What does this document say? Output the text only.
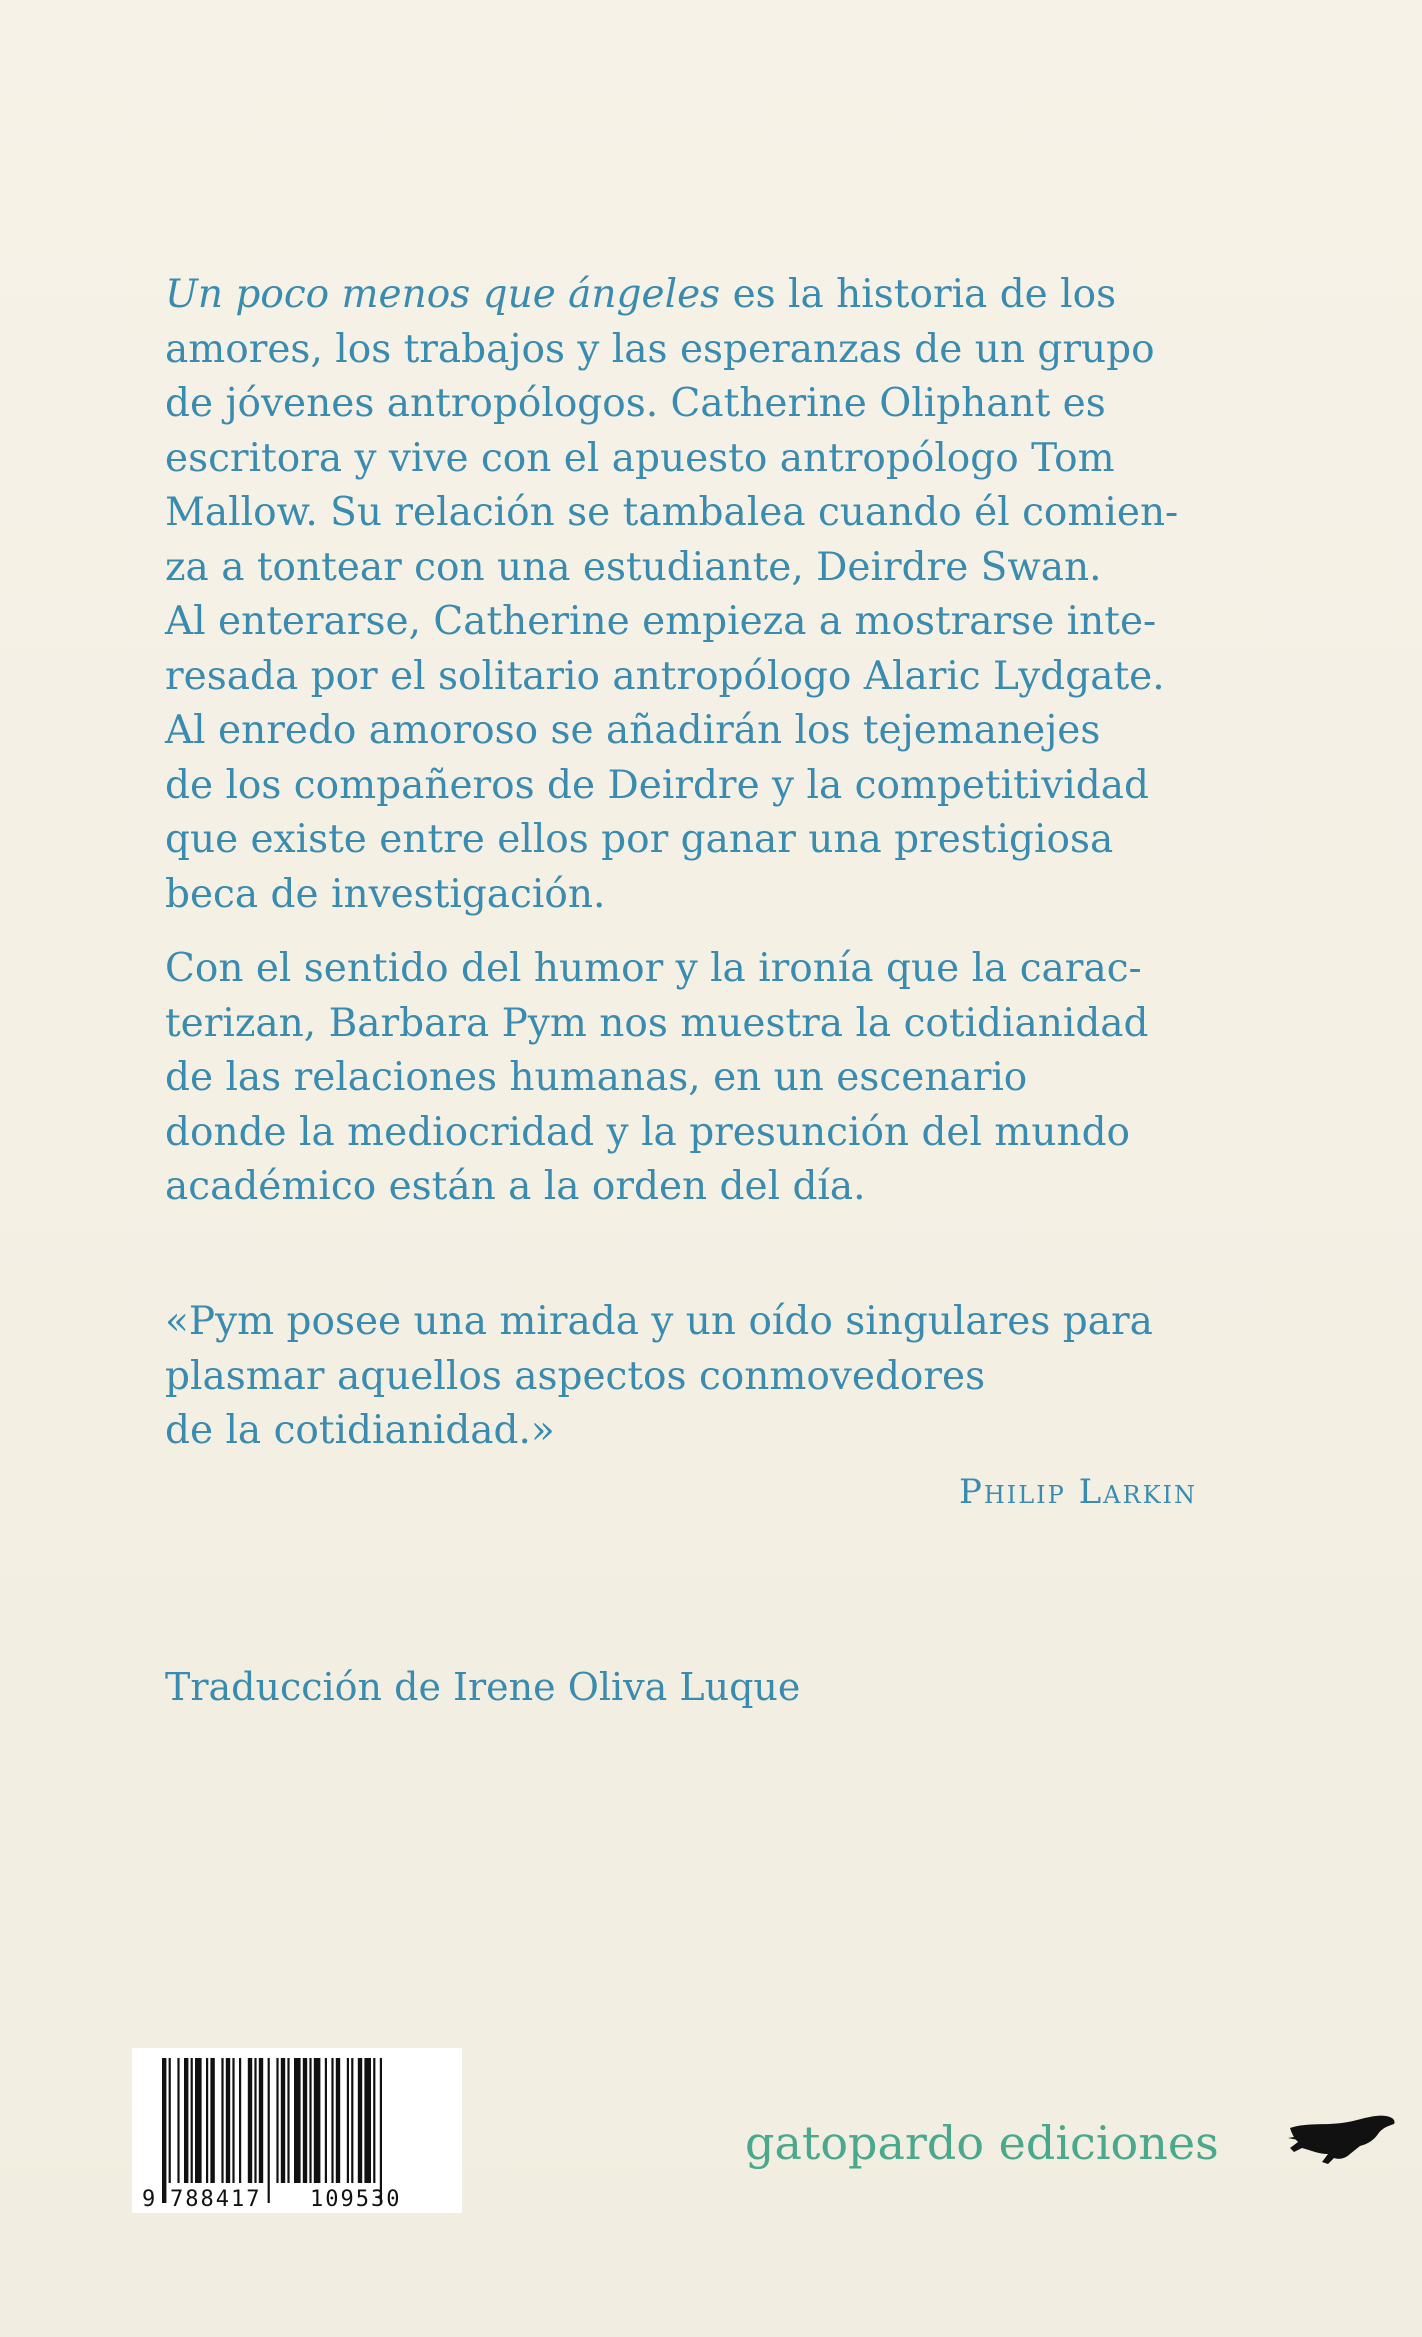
Un poco menos que ángeles es la historia de los
amores, los trabajos y las esperanzas de un grupo
de jóvenes antropólogos. Catherine Oliphant es
escritora y vive con el apuesto antropólogo Tom
Mallow. Su relación se tambalea cuando él comien-
za a tontear con una estudiante, Deirdre Swan.
Al enterarse, Catherine empieza a mostrarse inte-
resada por el solitario antropólogo Alaric Lydgate.
Al enredo amoroso se añadirán los tejemanejes
de los compañeros de Deirdre y la competitividad
que existe entre ellos por ganar una prestigiosa
beca de investigación.
Con el sentido del humor y la ironía que la carac-
terizan, Barbara Pym nos muestra la cotidianidad
de las relaciones humanas, en un escenario
donde la mediocridad y la presunción del mundo
académico están a la orden del día.
«Pym posee una mirada y un oído singulares para
plasmar aquellos aspectos conmovedores
de la cotidianidad.»
Philip Larkin
Traducción de Irene Oliva Luque
9 788417 109530
gatopardo ediciones
